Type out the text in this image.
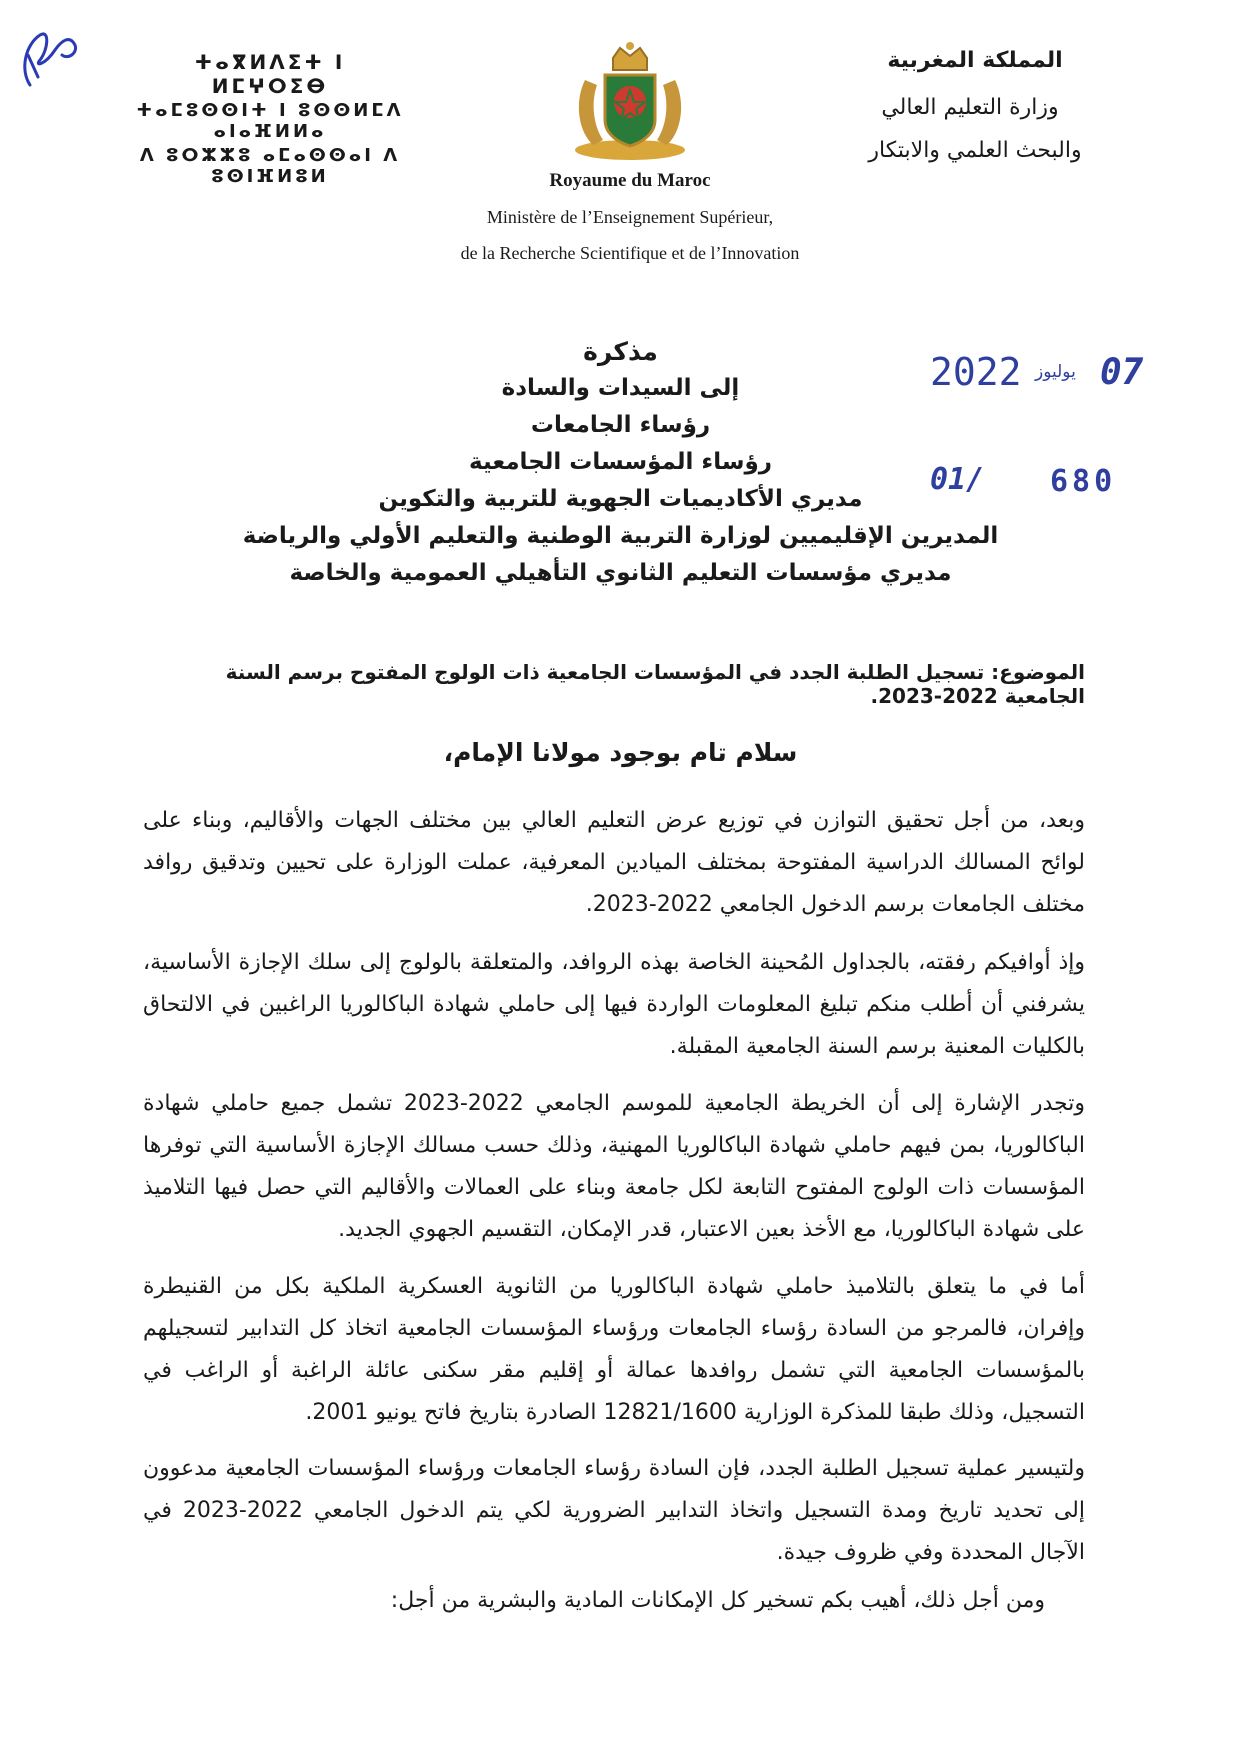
ⵜⴰⴳⵍⴷⵉⵜ ⵏ ⵍⵎⵖⵔⵉⴱ
ⵜⴰⵎⵓⵙⵙⵏⵜ ⵏ ⵓⵙⵙⵍⵎⴷ ⴰⵏⴰⴼⵍⵍⴰ
ⴷ ⵓⵔⵣⵣⵓ ⴰⵎⴰⵙⵙⴰⵏ ⴷ ⵓⵙⵏⴼⵍⵓⵍ	Royaume du Maroc
Ministère de l’Enseignement Supérieur,
de la Recherche Scientifique et de l’Innovation
المملكة المغربية
وزارة التعليم العالي
والبحث العلمي والابتكار
2022 يوليوز 07
01/ 680
مذكرة
إلى السيدات والسادة
رؤساء الجامعات
رؤساء المؤسسات الجامعية
مديري الأكاديميات الجهوية للتربية والتكوين
المديرين الإقليميين لوزارة التربية الوطنية والتعليم الأولي والرياضة
مديري مؤسسات التعليم الثانوي التأهيلي العمومية والخاصة
الموضوع: تسجيل الطلبة الجدد في المؤسسات الجامعية ذات الولوج المفتوح برسم السنة الجامعية 2022-2023.
سلام تام بوجود مولانا الإمام،
وبعد، من أجل تحقيق التوازن في توزيع عرض التعليم العالي بين مختلف الجهات والأقاليم، وبناء على لوائح المسالك الدراسية المفتوحة بمختلف الميادين المعرفية، عملت الوزارة على تحيين وتدقيق روافد مختلف الجامعات برسم الدخول الجامعي 2022-2023.
وإذ أوافيكم رفقته، بالجداول المُحينة الخاصة بهذه الروافد، والمتعلقة بالولوج إلى سلك الإجازة الأساسية، يشرفني أن أطلب منكم تبليغ المعلومات الواردة فيها إلى حاملي شهادة الباكالوريا الراغبين في الالتحاق بالكليات المعنية برسم السنة الجامعية المقبلة.
وتجدر الإشارة إلى أن الخريطة الجامعية للموسم الجامعي 2022-2023 تشمل جميع حاملي شهادة الباكالوريا، بمن فيهم حاملي شهادة الباكالوريا المهنية، وذلك حسب مسالك الإجازة الأساسية التي توفرها المؤسسات ذات الولوج المفتوح التابعة لكل جامعة وبناء على العمالات والأقاليم التي حصل فيها التلاميذ على شهادة الباكالوريا، مع الأخذ بعين الاعتبار، قدر الإمكان، التقسيم الجهوي الجديد.
أما في ما يتعلق بالتلاميذ حاملي شهادة الباكالوريا من الثانوية العسكرية الملكية بكل من القنيطرة وإفران، فالمرجو من السادة رؤساء الجامعات ورؤساء المؤسسات الجامعية اتخاذ كل التدابير لتسجيلهم بالمؤسسات الجامعية التي تشمل روافدها عمالة أو إقليم مقر سكنى عائلة الراغبة أو الراغب في التسجيل، وذلك طبقا للمذكرة الوزارية 12821/1600 الصادرة بتاريخ فاتح يونيو 2001.
ولتيسير عملية تسجيل الطلبة الجدد، فإن السادة رؤساء الجامعات ورؤساء المؤسسات الجامعية مدعوون إلى تحديد تاريخ ومدة التسجيل واتخاذ التدابير الضرورية لكي يتم الدخول الجامعي 2022-2023 في الآجال المحددة وفي ظروف جيدة.
ومن أجل ذلك، أهيب بكم تسخير كل الإمكانات المادية والبشرية من أجل:
